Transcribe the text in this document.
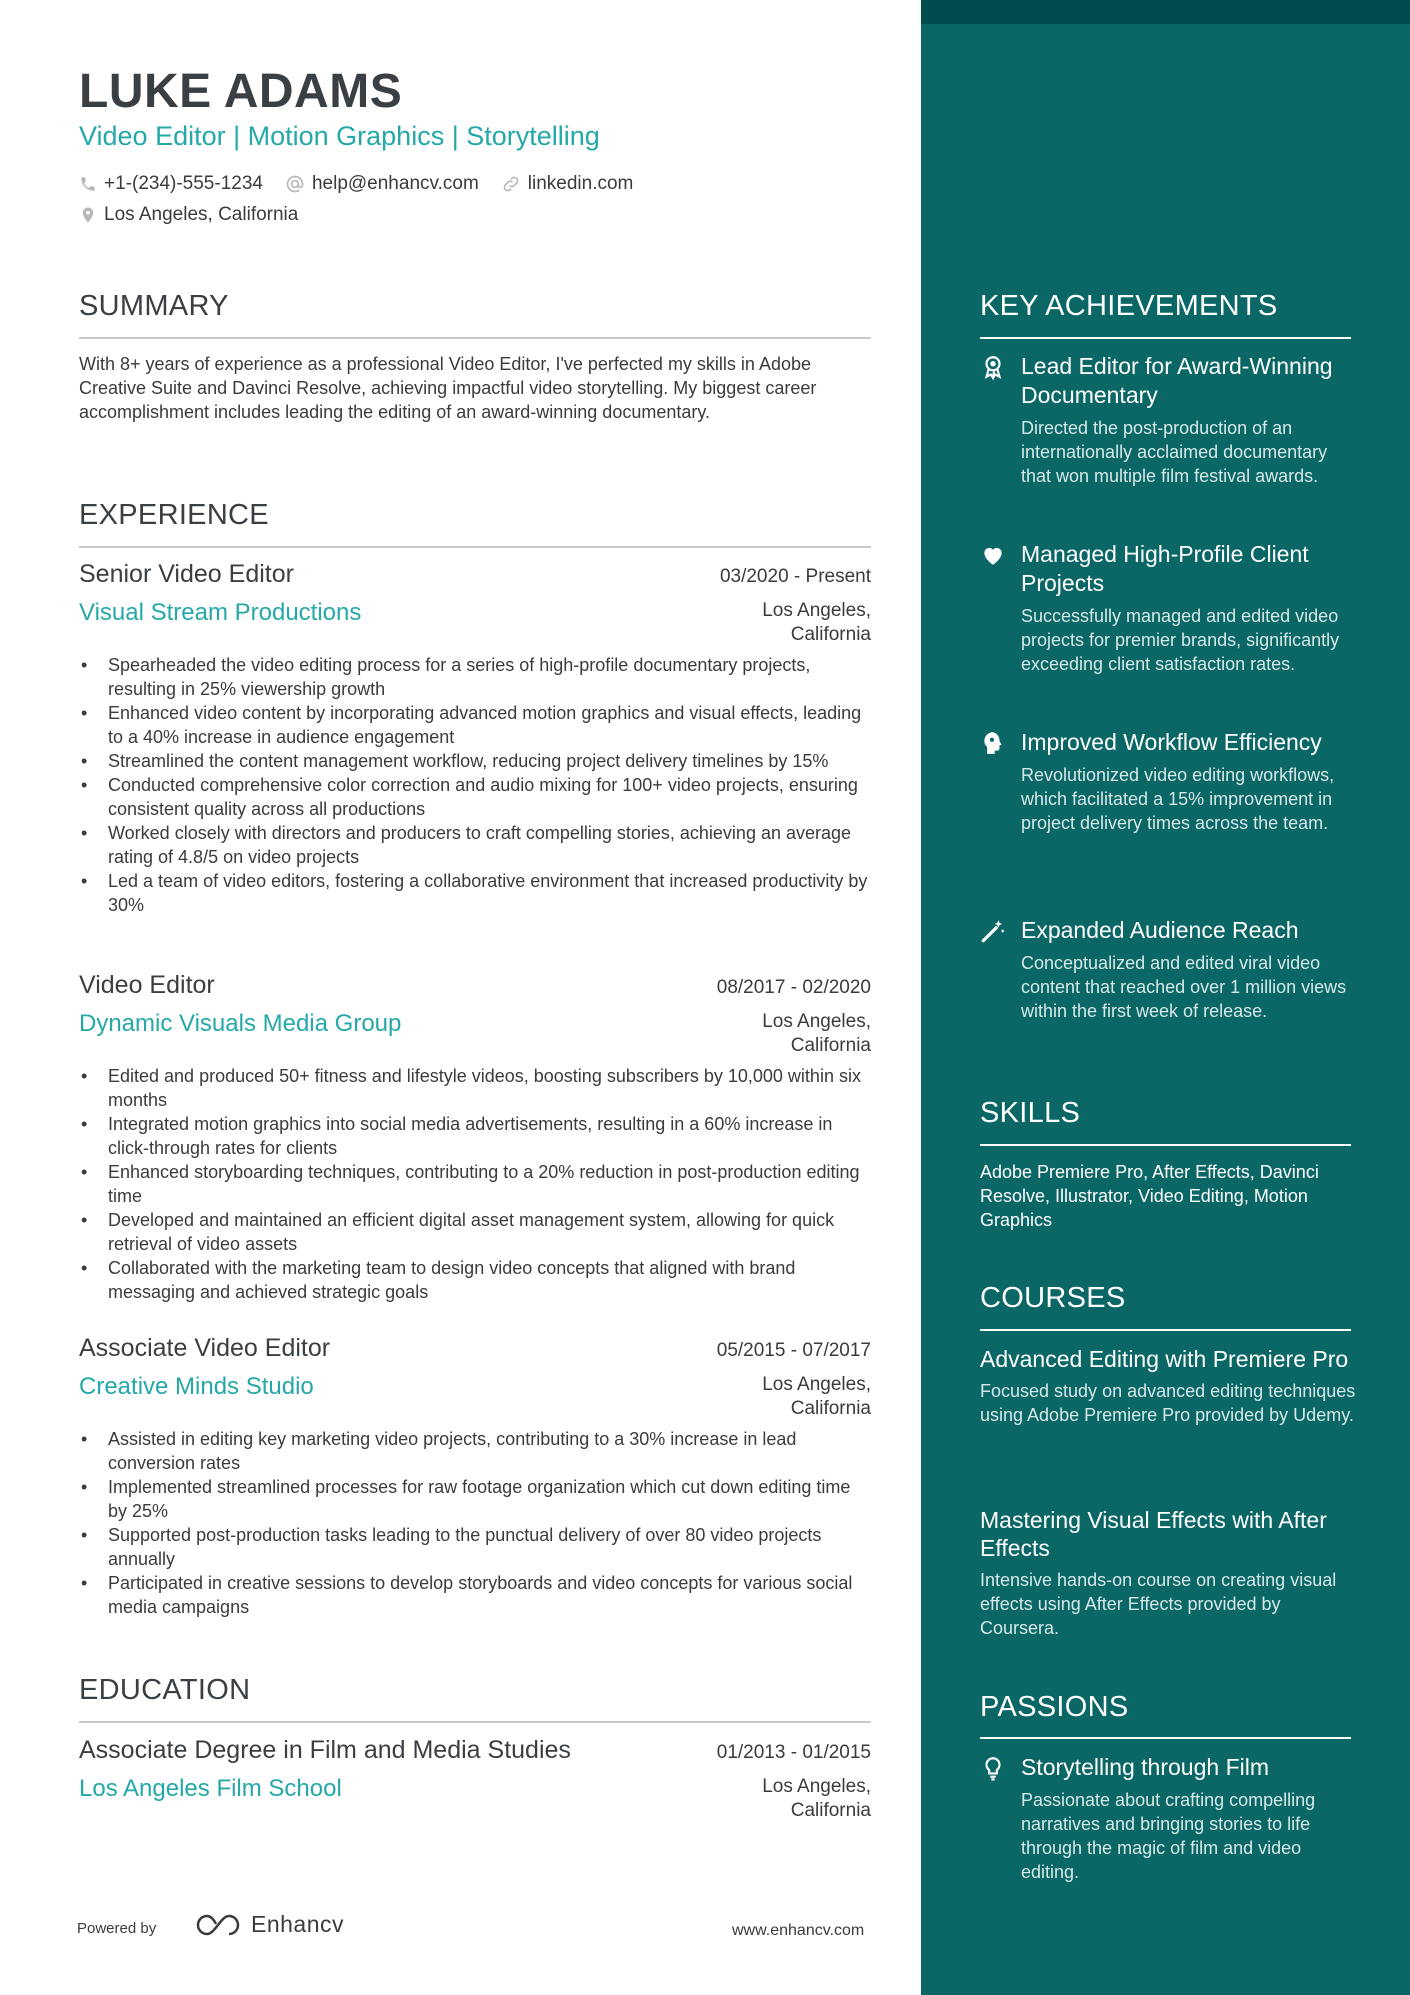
LUKE ADAMS
Video Editor | Motion Graphics | Storytelling
+1-(234)-555-1234	help@enhancv.com	linkedin.com
Los Angeles, California
SUMMARY
With 8+ years of experience as a professional Video Editor, I've perfected my skills in Adobe Creative Suite and Davinci Resolve, achieving impactful video storytelling. My biggest career accomplishment includes leading the editing of an award-winning documentary.
EXPERIENCE
Senior Video Editor	03/2020 - Present
Visual Stream Productions	Los Angeles, California
• Spearheaded the video editing process for a series of high-profile documentary projects, resulting in 25% viewership growth
• Enhanced video content by incorporating advanced motion graphics and visual effects, leading to a 40% increase in audience engagement
• Streamlined the content management workflow, reducing project delivery timelines by 15%
• Conducted comprehensive color correction and audio mixing for 100+ video projects, ensuring consistent quality across all productions
• Worked closely with directors and producers to craft compelling stories, achieving an average rating of 4.8/5 on video projects
• Led a team of video editors, fostering a collaborative environment that increased productivity by 30%
Video Editor	08/2017 - 02/2020
Dynamic Visuals Media Group	Los Angeles, California
• Edited and produced 50+ fitness and lifestyle videos, boosting subscribers by 10,000 within six months
• Integrated motion graphics into social media advertisements, resulting in a 60% increase in click-through rates for clients
• Enhanced storyboarding techniques, contributing to a 20% reduction in post-production editing time
• Developed and maintained an efficient digital asset management system, allowing for quick retrieval of video assets
• Collaborated with the marketing team to design video concepts that aligned with brand messaging and achieved strategic goals
Associate Video Editor	05/2015 - 07/2017
Creative Minds Studio	Los Angeles, California
• Assisted in editing key marketing video projects, contributing to a 30% increase in lead conversion rates
• Implemented streamlined processes for raw footage organization which cut down editing time by 25%
• Supported post-production tasks leading to the punctual delivery of over 80 video projects annually
• Participated in creative sessions to develop storyboards and video concepts for various social media campaigns
EDUCATION
Associate Degree in Film and Media Studies	01/2013 - 01/2015
Los Angeles Film School	Los Angeles, California
Powered by	Enhancv	www.enhancv.com
KEY ACHIEVEMENTS
Lead Editor for Award-Winning Documentary
Directed the post-production of an internationally acclaimed documentary that won multiple film festival awards.
Managed High-Profile Client Projects
Successfully managed and edited video projects for premier brands, significantly exceeding client satisfaction rates.
Improved Workflow Efficiency
Revolutionized video editing workflows, which facilitated a 15% improvement in project delivery times across the team.
Expanded Audience Reach
Conceptualized and edited viral video content that reached over 1 million views within the first week of release.
SKILLS
Adobe Premiere Pro, After Effects, Davinci Resolve, Illustrator, Video Editing, Motion Graphics
COURSES
Advanced Editing with Premiere Pro
Focused study on advanced editing techniques using Adobe Premiere Pro provided by Udemy.
Mastering Visual Effects with After Effects
Intensive hands-on course on creating visual effects using After Effects provided by Coursera.
PASSIONS
Storytelling through Film
Passionate about crafting compelling narratives and bringing stories to life through the magic of film and video editing.
